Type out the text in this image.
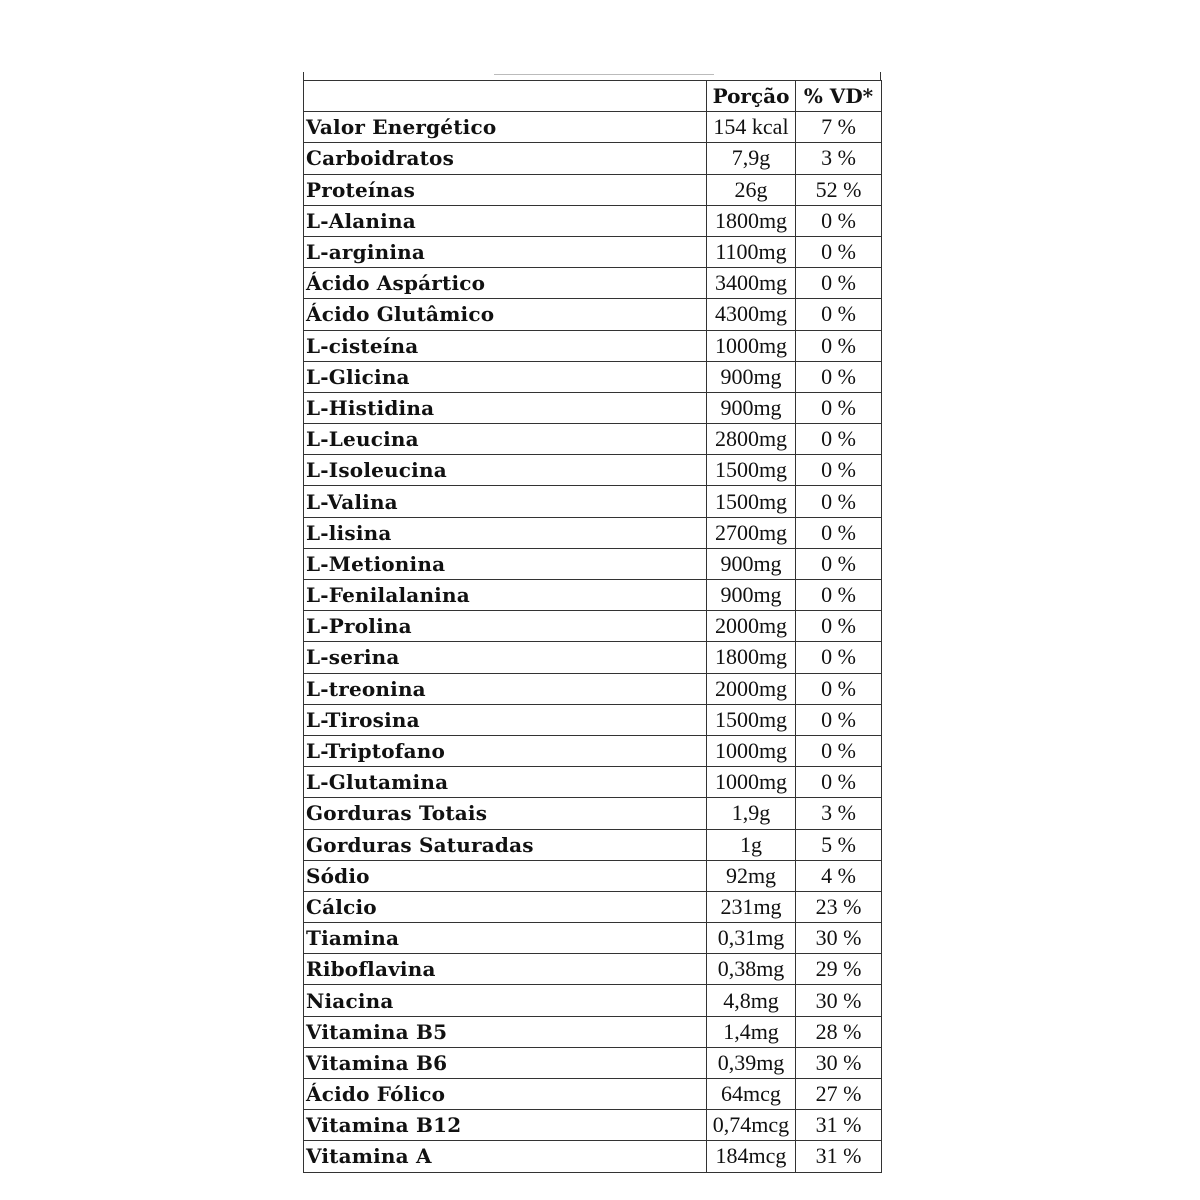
	Porção	% VD*
Valor Energético	154 kcal	7 %
Carboidratos	7,9g	3 %
Proteínas	26g	52 %
L-Alanina	1800mg	0 %
L-arginina	1100mg	0 %
Ácido Aspártico	3400mg	0 %
Ácido Glutâmico	4300mg	0 %
L-cisteína	1000mg	0 %
L-Glicina	900mg	0 %
L-Histidina	900mg	0 %
L-Leucina	2800mg	0 %
L-Isoleucina	1500mg	0 %
L-Valina	1500mg	0 %
L-lisina	2700mg	0 %
L-Metionina	900mg	0 %
L-Fenilalanina	900mg	0 %
L-Prolina	2000mg	0 %
L-serina	1800mg	0 %
L-treonina	2000mg	0 %
L-Tirosina	1500mg	0 %
L-Triptofano	1000mg	0 %
L-Glutamina	1000mg	0 %
Gorduras Totais	1,9g	3 %
Gorduras Saturadas	1g	5 %
Sódio	92mg	4 %
Cálcio	231mg	23 %
Tiamina	0,31mg	30 %
Riboflavina	0,38mg	29 %
Niacina	4,8mg	30 %
Vitamina B5	1,4mg	28 %
Vitamina B6	0,39mg	30 %
Ácido Fólico	64mcg	27 %
Vitamina B12	0,74mcg	31 %
Vitamina A	184mcg	31 %
